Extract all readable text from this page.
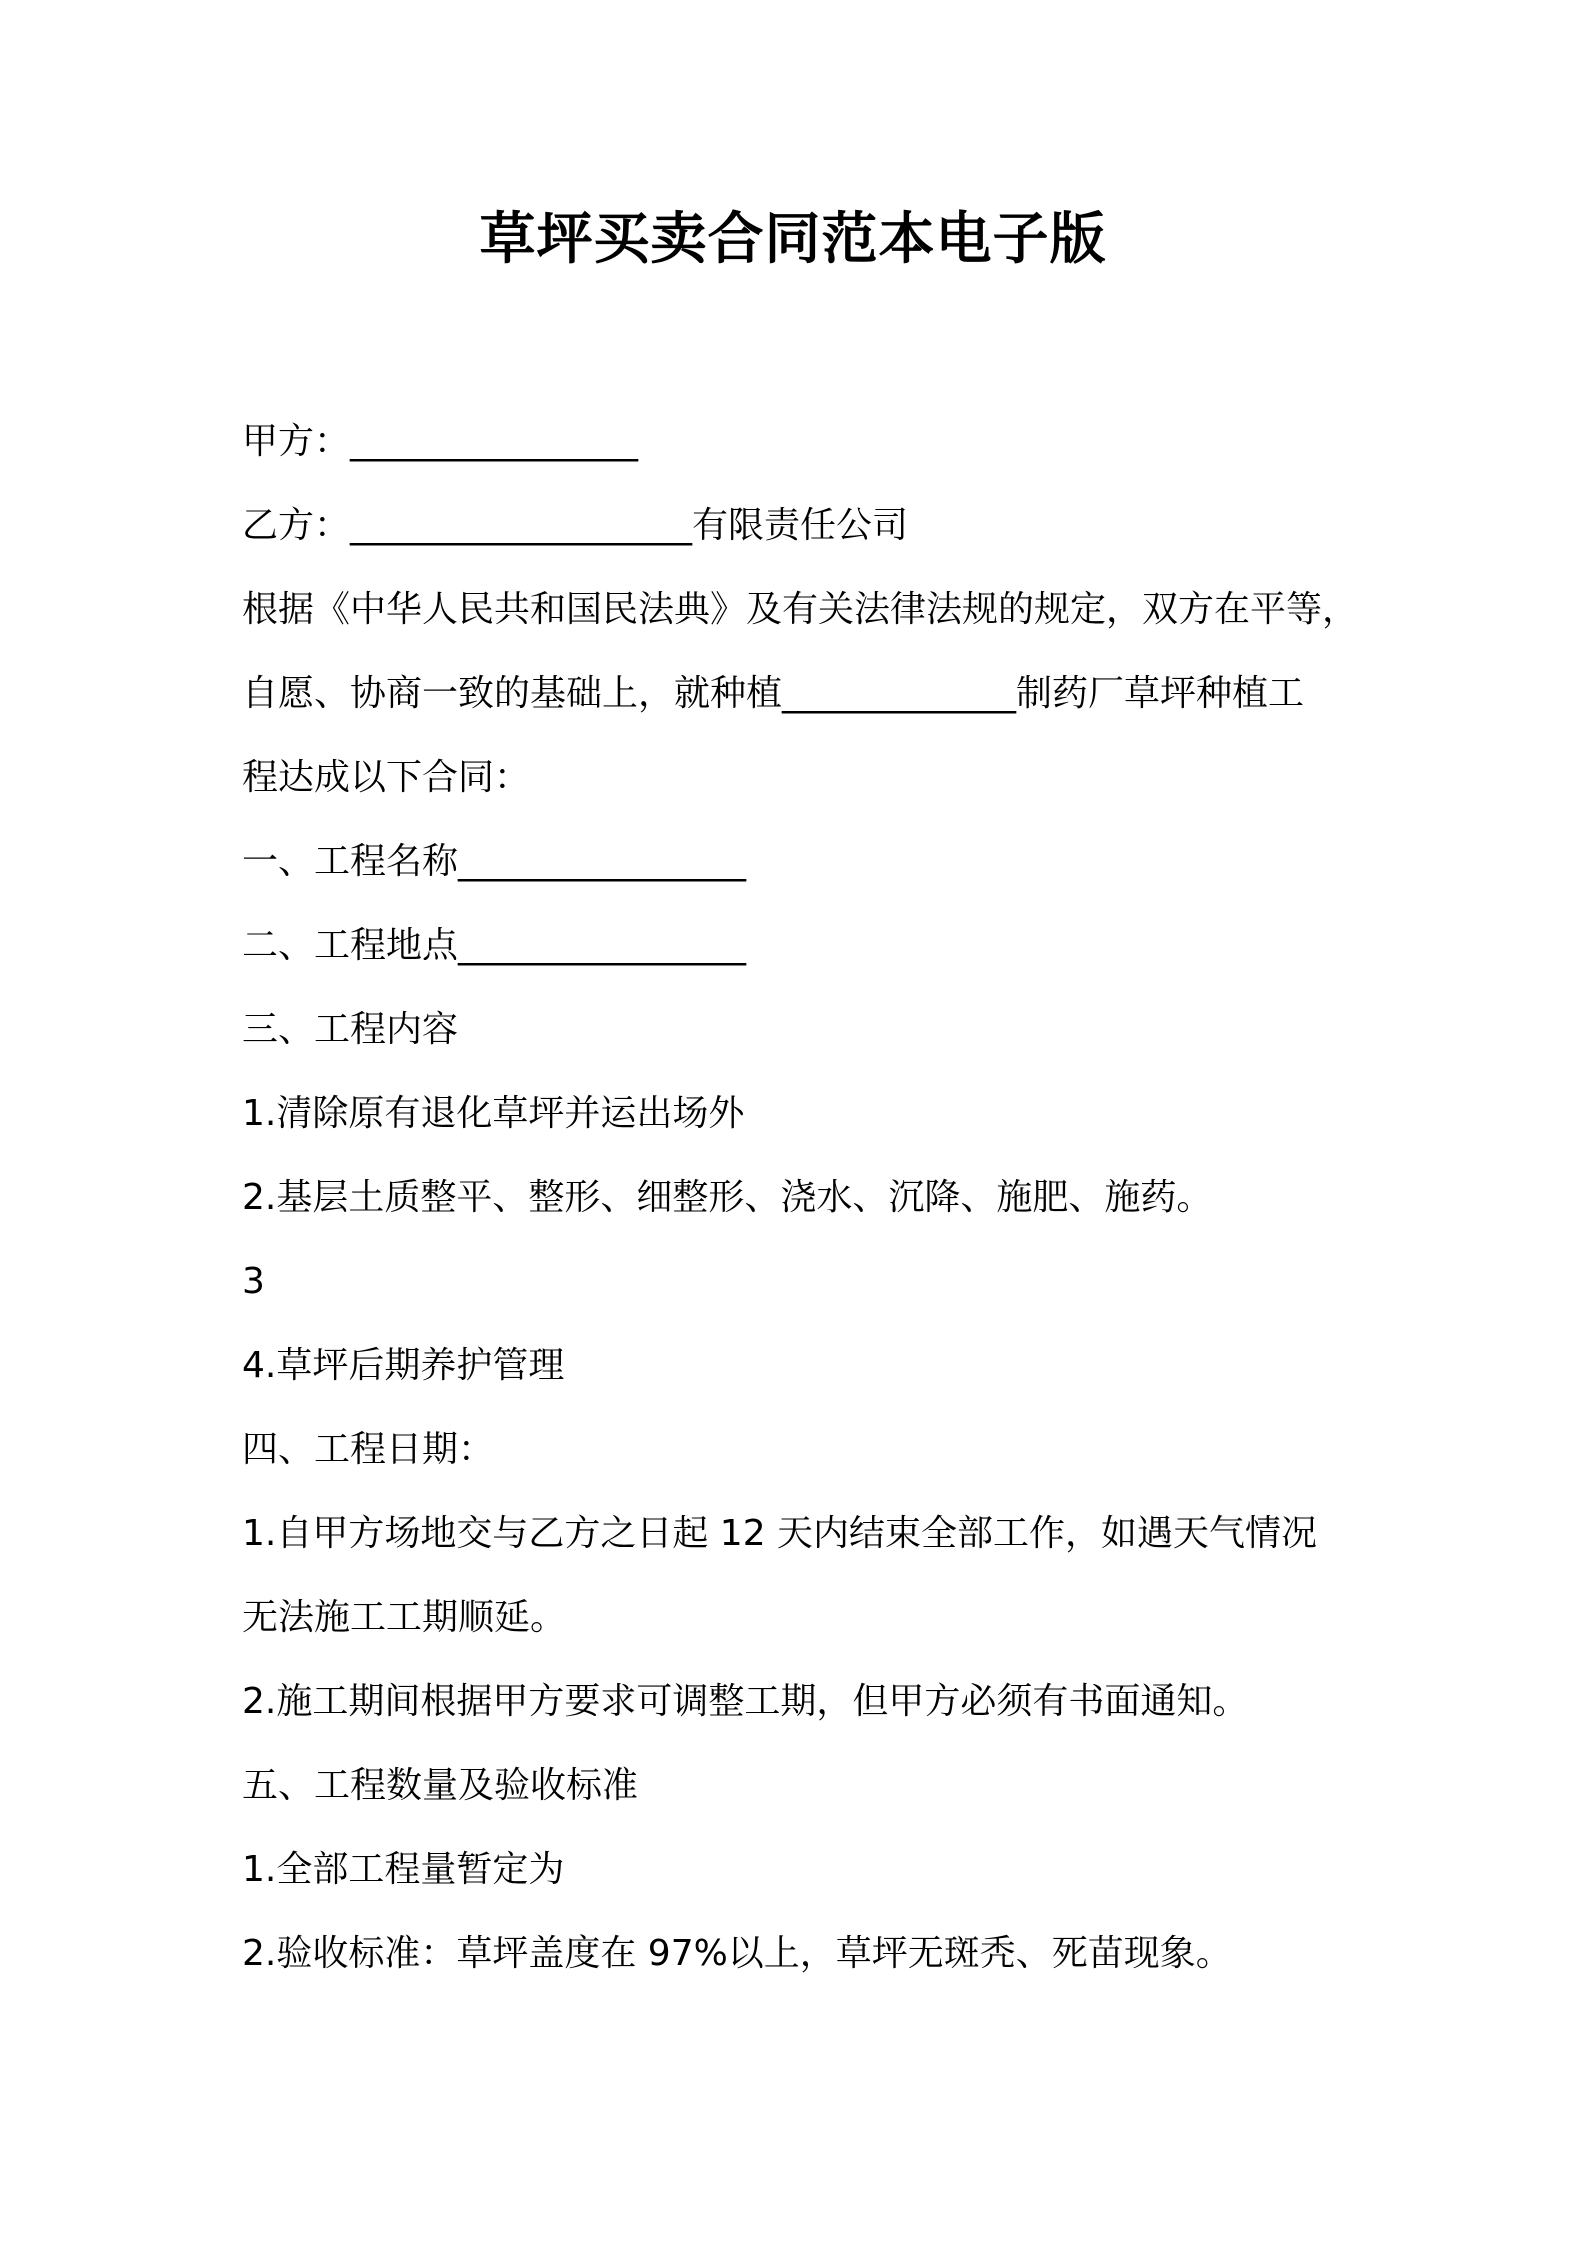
草坪买卖合同范本电子版
甲方：________________
乙方：___________________有限责任公司
根据《中华人民共和国民法典》及有关法律法规的规定，双方在平等，
自愿、协商一致的基础上，就种植_____________制药厂草坪种植工
程达成以下合同：
一、工程名称________________
二、工程地点________________
三、工程内容
1.清除原有退化草坪并运出场外
2.基层土质整平、整形、细整形、浇水、沉降、施肥、施药。
3
4.草坪后期养护管理
四、工程日期：
1.自甲方场地交与乙方之日起 12 天内结束全部工作，如遇天气情况
无法施工工期顺延。
2.施工期间根据甲方要求可调整工期，但甲方必须有书面通知。
五、工程数量及验收标准
1.全部工程量暂定为
2.验收标准：草坪盖度在 97%以上，草坪无斑秃、死苗现象。
